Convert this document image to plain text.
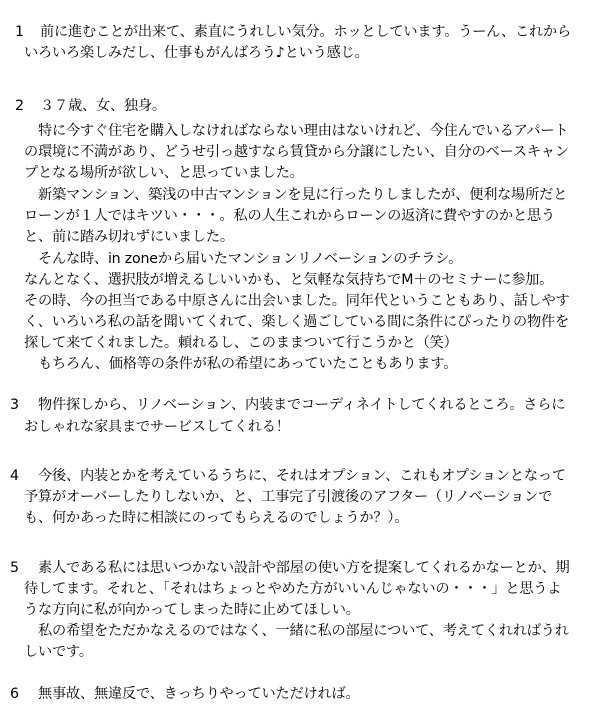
1 前に進むことが出来て、素直にうれしい気分。ホッとしています。うーん、これから
いろいろ楽しみだし、仕事もがんばろう♪という感じ。
2 ３７歳、女、独身。
特に今すぐ住宅を購入しなければならない理由はないけれど、今住んでいるアパート
の環境に不満があり、どうせ引っ越すなら賃貸から分譲にしたい、自分のベースキャン
プとなる場所が欲しい、と思っていました。
新築マンション、築浅の中古マンションを見に行ったりしましたが、便利な場所だと
ローンが１人ではキツい・・・。私の人生これからローンの返済に費やすのかと思う
と、前に踏み切れずにいました。
そんな時、in zoneから届いたマンションリノベーションのチラシ。
なんとなく、選択肢が増えるしいいかも、と気軽な気持ちでM＋のセミナーに参加。
その時、今の担当である中原さんに出会いました。同年代ということもあり、話しやす
く、いろいろ私の話を聞いてくれて、楽しく過ごしている間に条件にぴったりの物件を
探して来てくれました。頼れるし、このままついて行こうかと（笑）
もちろん、価格等の条件が私の希望にあっていたこともあります。
3 物件探しから、リノベーション、内装までコーディネイトしてくれるところ。さらに
おしゃれな家具までサービスしてくれる！
4 今後、内装とかを考えているうちに、それはオプション、これもオプションとなって
予算がオーバーしたりしないか、と、工事完了引渡後のアフター（リノベーションで
も、何かあった時に相談にのってもらえるのでしょうか？）。
5 素人である私には思いつかない設計や部屋の使い方を提案してくれるかなーとか、期
待してます。それと、「それはちょっとやめた方がいいんじゃないの・・・」と思うよ
うな方向に私が向かってしまった時に止めてほしい。
私の希望をただかなえるのではなく、一緒に私の部屋について、考えてくれればうれ
しいです。
6 無事故、無違反で、きっちりやっていただければ。
